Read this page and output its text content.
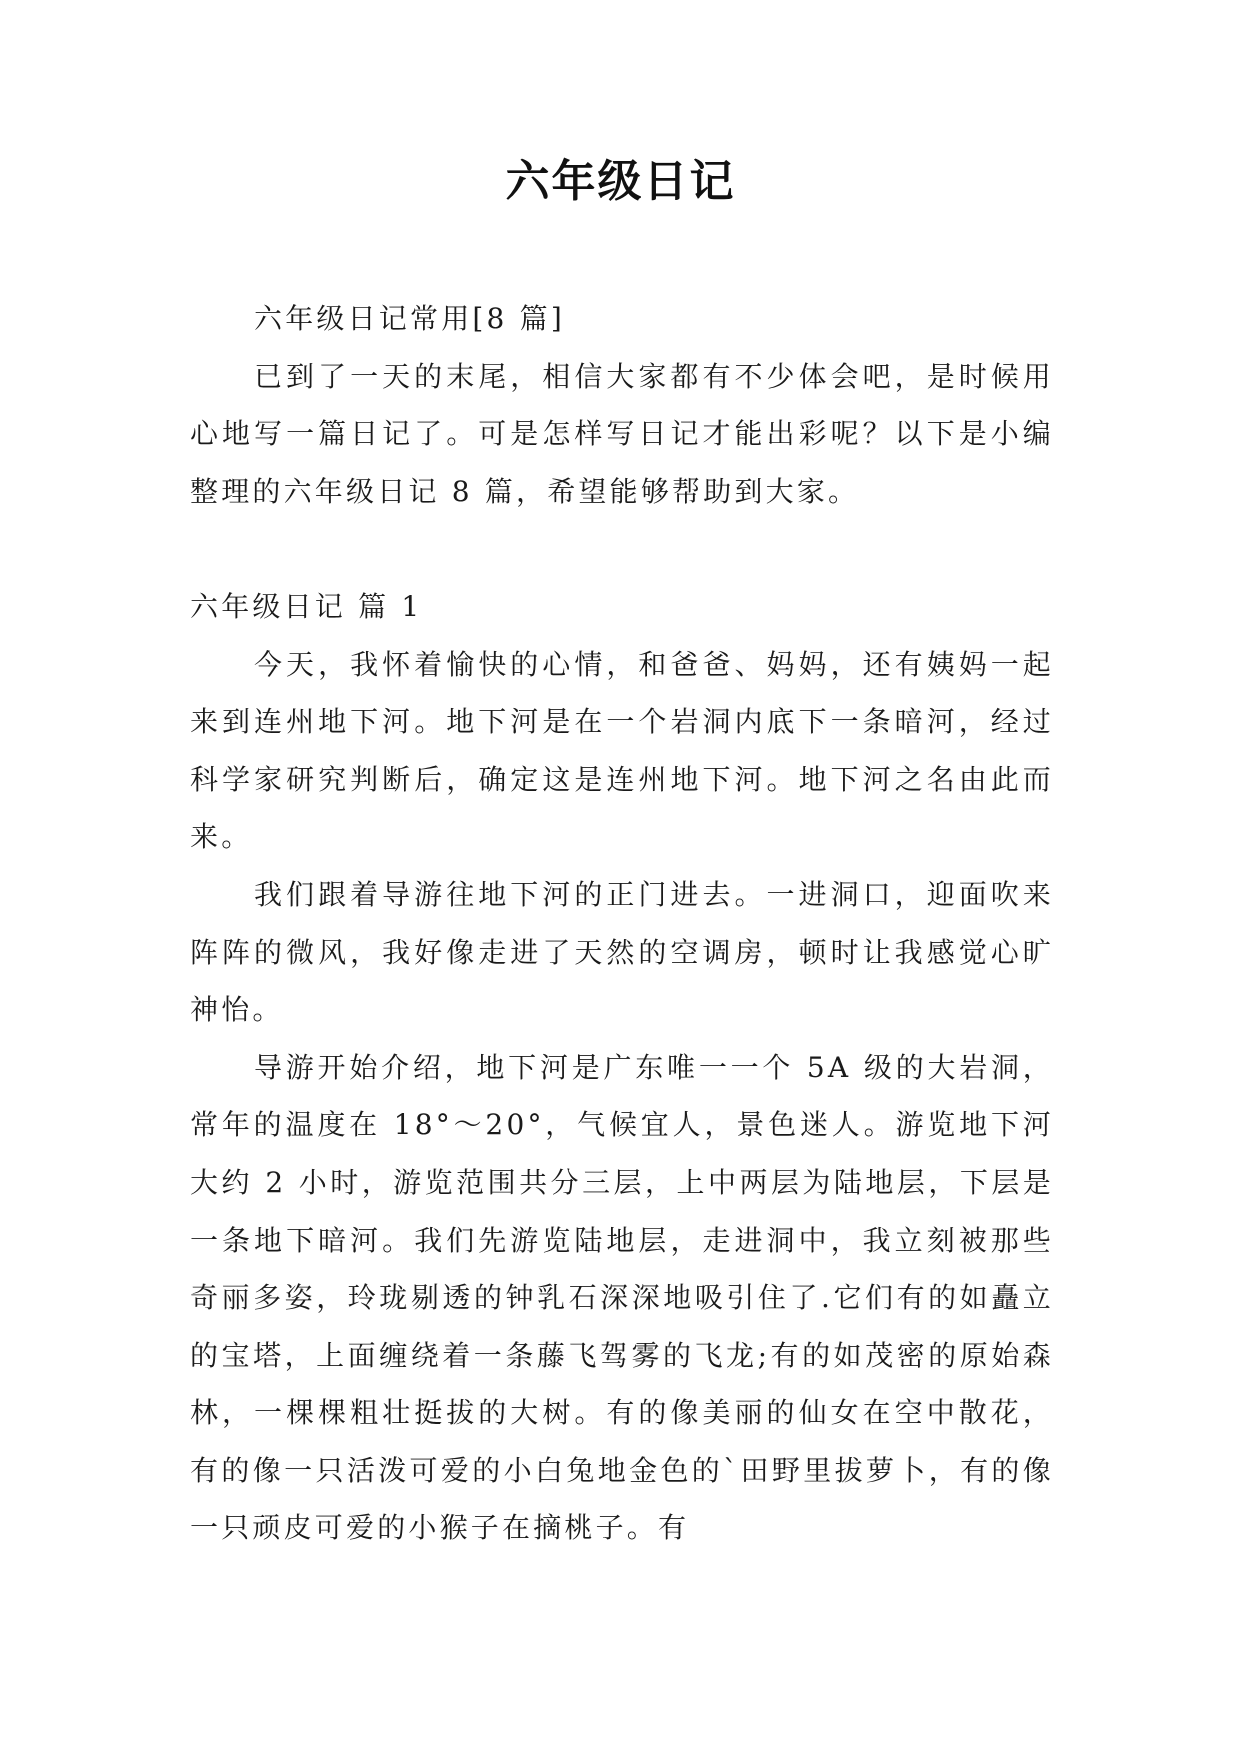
六年级日记

六年级日记常用[8 篇]

已到了一天的末尾，相信大家都有不少体会吧，是时候用心地写一篇日记了。可是怎样写日记才能出彩呢？以下是小编整理的六年级日记 8 篇，希望能够帮助到大家。

六年级日记 篇 1

今天，我怀着愉快的心情，和爸爸、妈妈，还有姨妈一起来到连州地下河。地下河是在一个岩洞内底下一条暗河，经过科学家研究判断后，确定这是连州地下河。地下河之名由此而来。

我们跟着导游往地下河的正门进去。一进洞口，迎面吹来阵阵的微风，我好像走进了天然的空调房，顿时让我感觉心旷神怡。

导游开始介绍，地下河是广东唯一一个 5A 级的大岩洞，常年的温度在 18°～20°，气候宜人，景色迷人。游览地下河大约 2 小时，游览范围共分三层，上中两层为陆地层，下层是一条地下暗河。我们先游览陆地层，走进洞中，我立刻被那些奇丽多姿，玲珑剔透的钟乳石深深地吸引住了.它们有的如矗立的宝塔，上面缠绕着一条藤飞驾雾的飞龙;有的如茂密的原始森林，一棵棵粗壮挺拔的大树。有的像美丽的仙女在空中散花，有的像一只活泼可爱的小白兔地金色的`田野里拔萝卜，有的像一只顽皮可爱的小猴子在摘桃子。有
